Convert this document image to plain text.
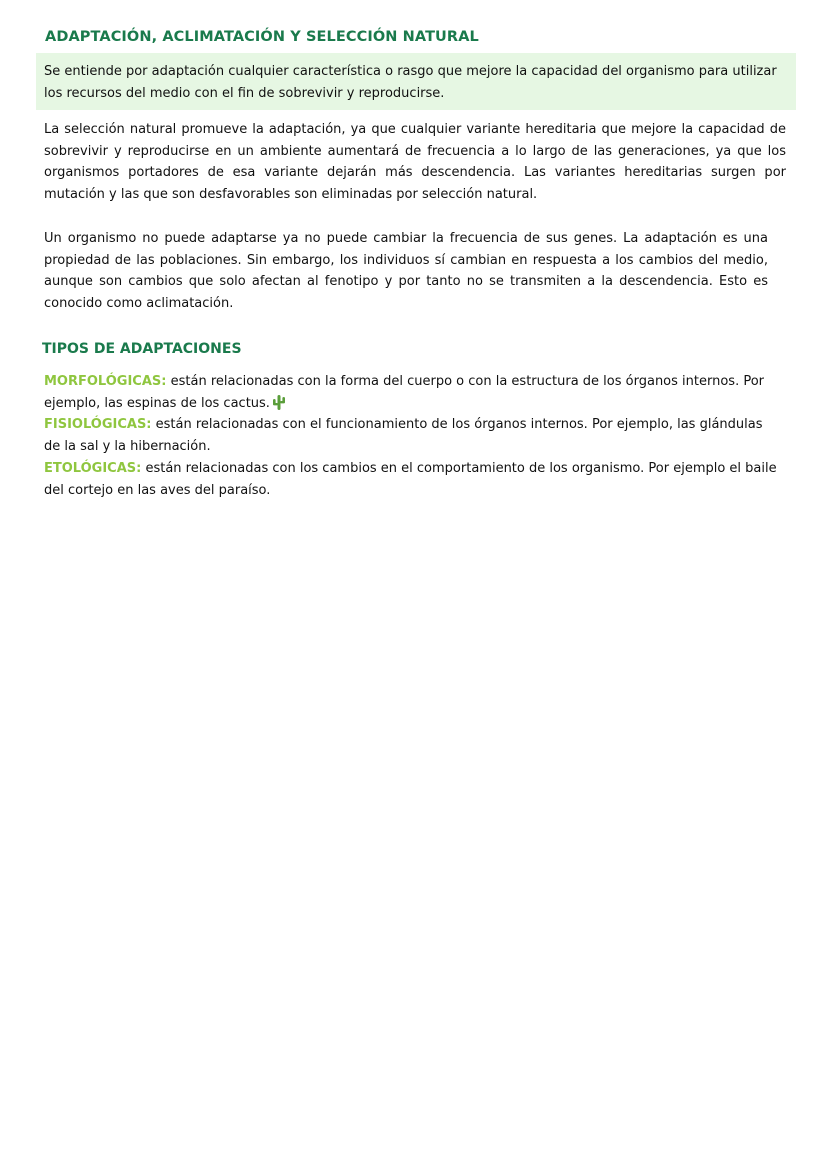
ADAPTACIÓN, ACLIMATACIÓN Y SELECCIÓN NATURAL

Se entiende por adaptación cualquier característica o rasgo que mejore la capacidad del organismo para utilizar los recursos del medio con el fin de sobrevivir y reproducirse.

La selección natural promueve la adaptación, ya que cualquier variante hereditaria que mejore la capacidad de sobrevivir y reproducirse en un ambiente aumentará de frecuencia a lo largo de las generaciones, ya que los organismos portadores de esa variante dejarán más descendencia. Las variantes hereditarias surgen por mutación y las que son desfavorables son eliminadas por selección natural.

Un organismo no puede adaptarse ya no puede cambiar la frecuencia de sus genes. La adaptación es una propiedad de las poblaciones. Sin embargo, los individuos sí cambian en respuesta a los cambios del medio, aunque son cambios que solo afectan al fenotipo y por tanto no se transmiten a la descendencia. Esto es conocido como aclimatación.

TIPOS DE ADAPTACIONES

MORFOLÓGICAS: están relacionadas con la forma del cuerpo o con la estructura de los órganos internos. Por ejemplo, las espinas de los cactus.

FISIOLÓGICAS: están relacionadas con el funcionamiento de los órganos internos. Por ejemplo, las glándulas de la sal y la hibernación.

ETOLÓGICAS: están relacionadas con los cambios en el comportamiento de los organismo. Por ejemplo el baile del cortejo en las aves del paraíso.
